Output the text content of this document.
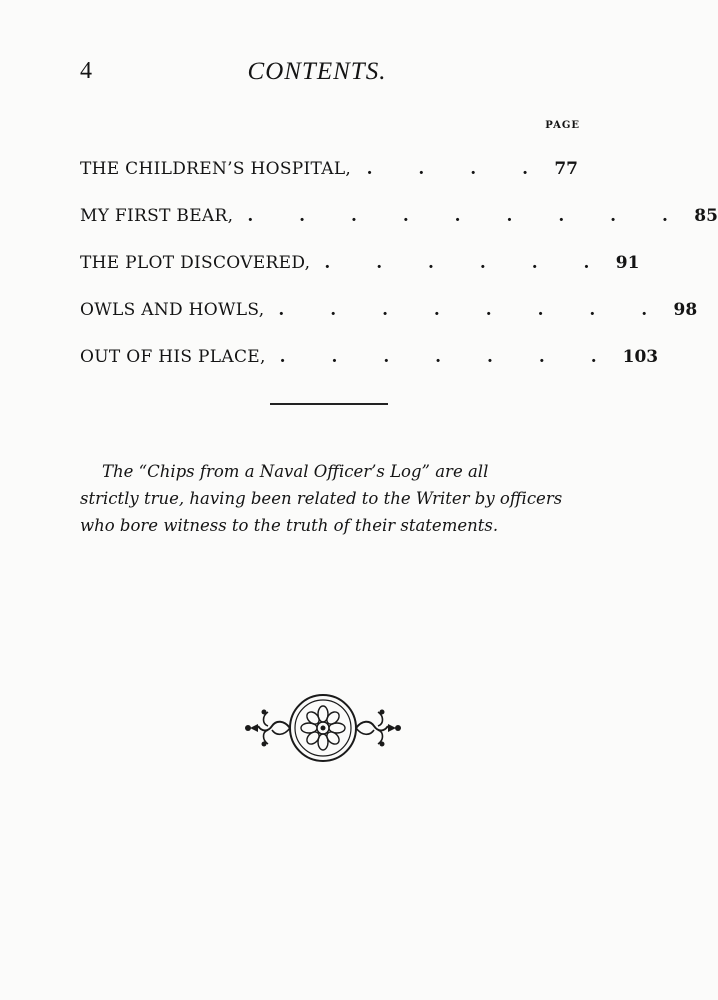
4	CONTENTS.
PAGE
THE CHILDREN’S HOSPITAL, . . . . 77
MY FIRST BEAR, . . . . . . . . . 85
THE PLOT DISCOVERED, . . . . . . 91
OWLS AND HOWLS, . . . . . . . . 98
OUT OF HIS PLACE, . . . . . . . 103
The “Chips from a Naval Officer’s Log” are all
strictly true, having been related to the Writer by officers
who bore witness to the truth of their statements.
